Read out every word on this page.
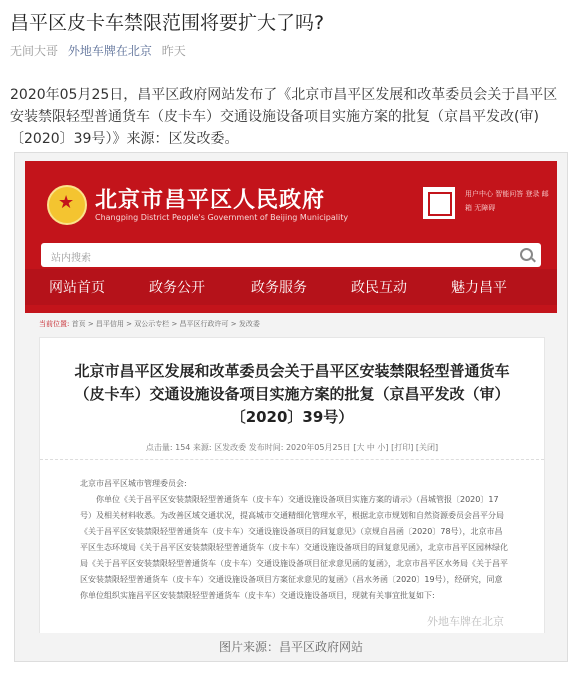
昌平区皮卡车禁限范围将要扩大了吗?
无间大哥 外地车牌在北京 昨天
2020年05月25日，昌平区政府网站发布了《北京市昌平区发展和改革委员会关于昌平区安装禁限轻型普通货车（皮卡车）交通设施设备项目实施方案的批复（京昌平发改(审)〔2020〕39号）》来源：区发改委。
★
北京市昌平区人民政府
Changping District People's Government of Beijing Municipality
用户中心 智能问答 登录 邮箱 无障碍
站内搜索
网站首页	政务公开	政务服务	政民互动	魅力昌平
当前位置: 首页 > 昌平信用 > 双公示专栏 > 昌平区行政许可 > 发改委
北京市昌平区发展和改革委员会关于昌平区安装禁限轻型普通货车
（皮卡车）交通设施设备项目实施方案的批复（京昌平发改（审）
〔2020〕39号）
点击量: 154 来源: 区发改委 发布时间: 2020年05月25日 [大 中 小] [打印] [关闭]
北京市昌平区城市管理委员会:
你单位《关于昌平区安装禁限轻型普通货车（皮卡车）交通设施设备项目实施方案的请示》（昌城管报〔2020〕17号）及相关材料收悉。为改善区域交通状况，提高城市交通精细化管理水平，根据北京市规划和自然资源委员会昌平分局《关于昌平区安装禁限轻型普通货车（皮卡车）交通设施设备项目的回复意见》（京规自昌函〔2020〕78号），北京市昌平区生态环境局《关于昌平区安装禁限轻型普通货车（皮卡车）交通设施设备项目的回复意见函》，北京市昌平区园林绿化局《关于昌平区安装禁限轻型普通货车（皮卡车）交通设施设备项目征求意见函的复函》，北京市昌平区水务局《关于昌平区安装禁限轻型普通货车（皮卡车）交通设施设备项目方案征求意见的复函》（昌水务函〔2020〕19号），经研究，同意你单位组织实施昌平区安装禁限轻型普通货车（皮卡车）交通设施设备项目，现就有关事宜批复如下:
外地车牌在北京
图片来源：昌平区政府网站
